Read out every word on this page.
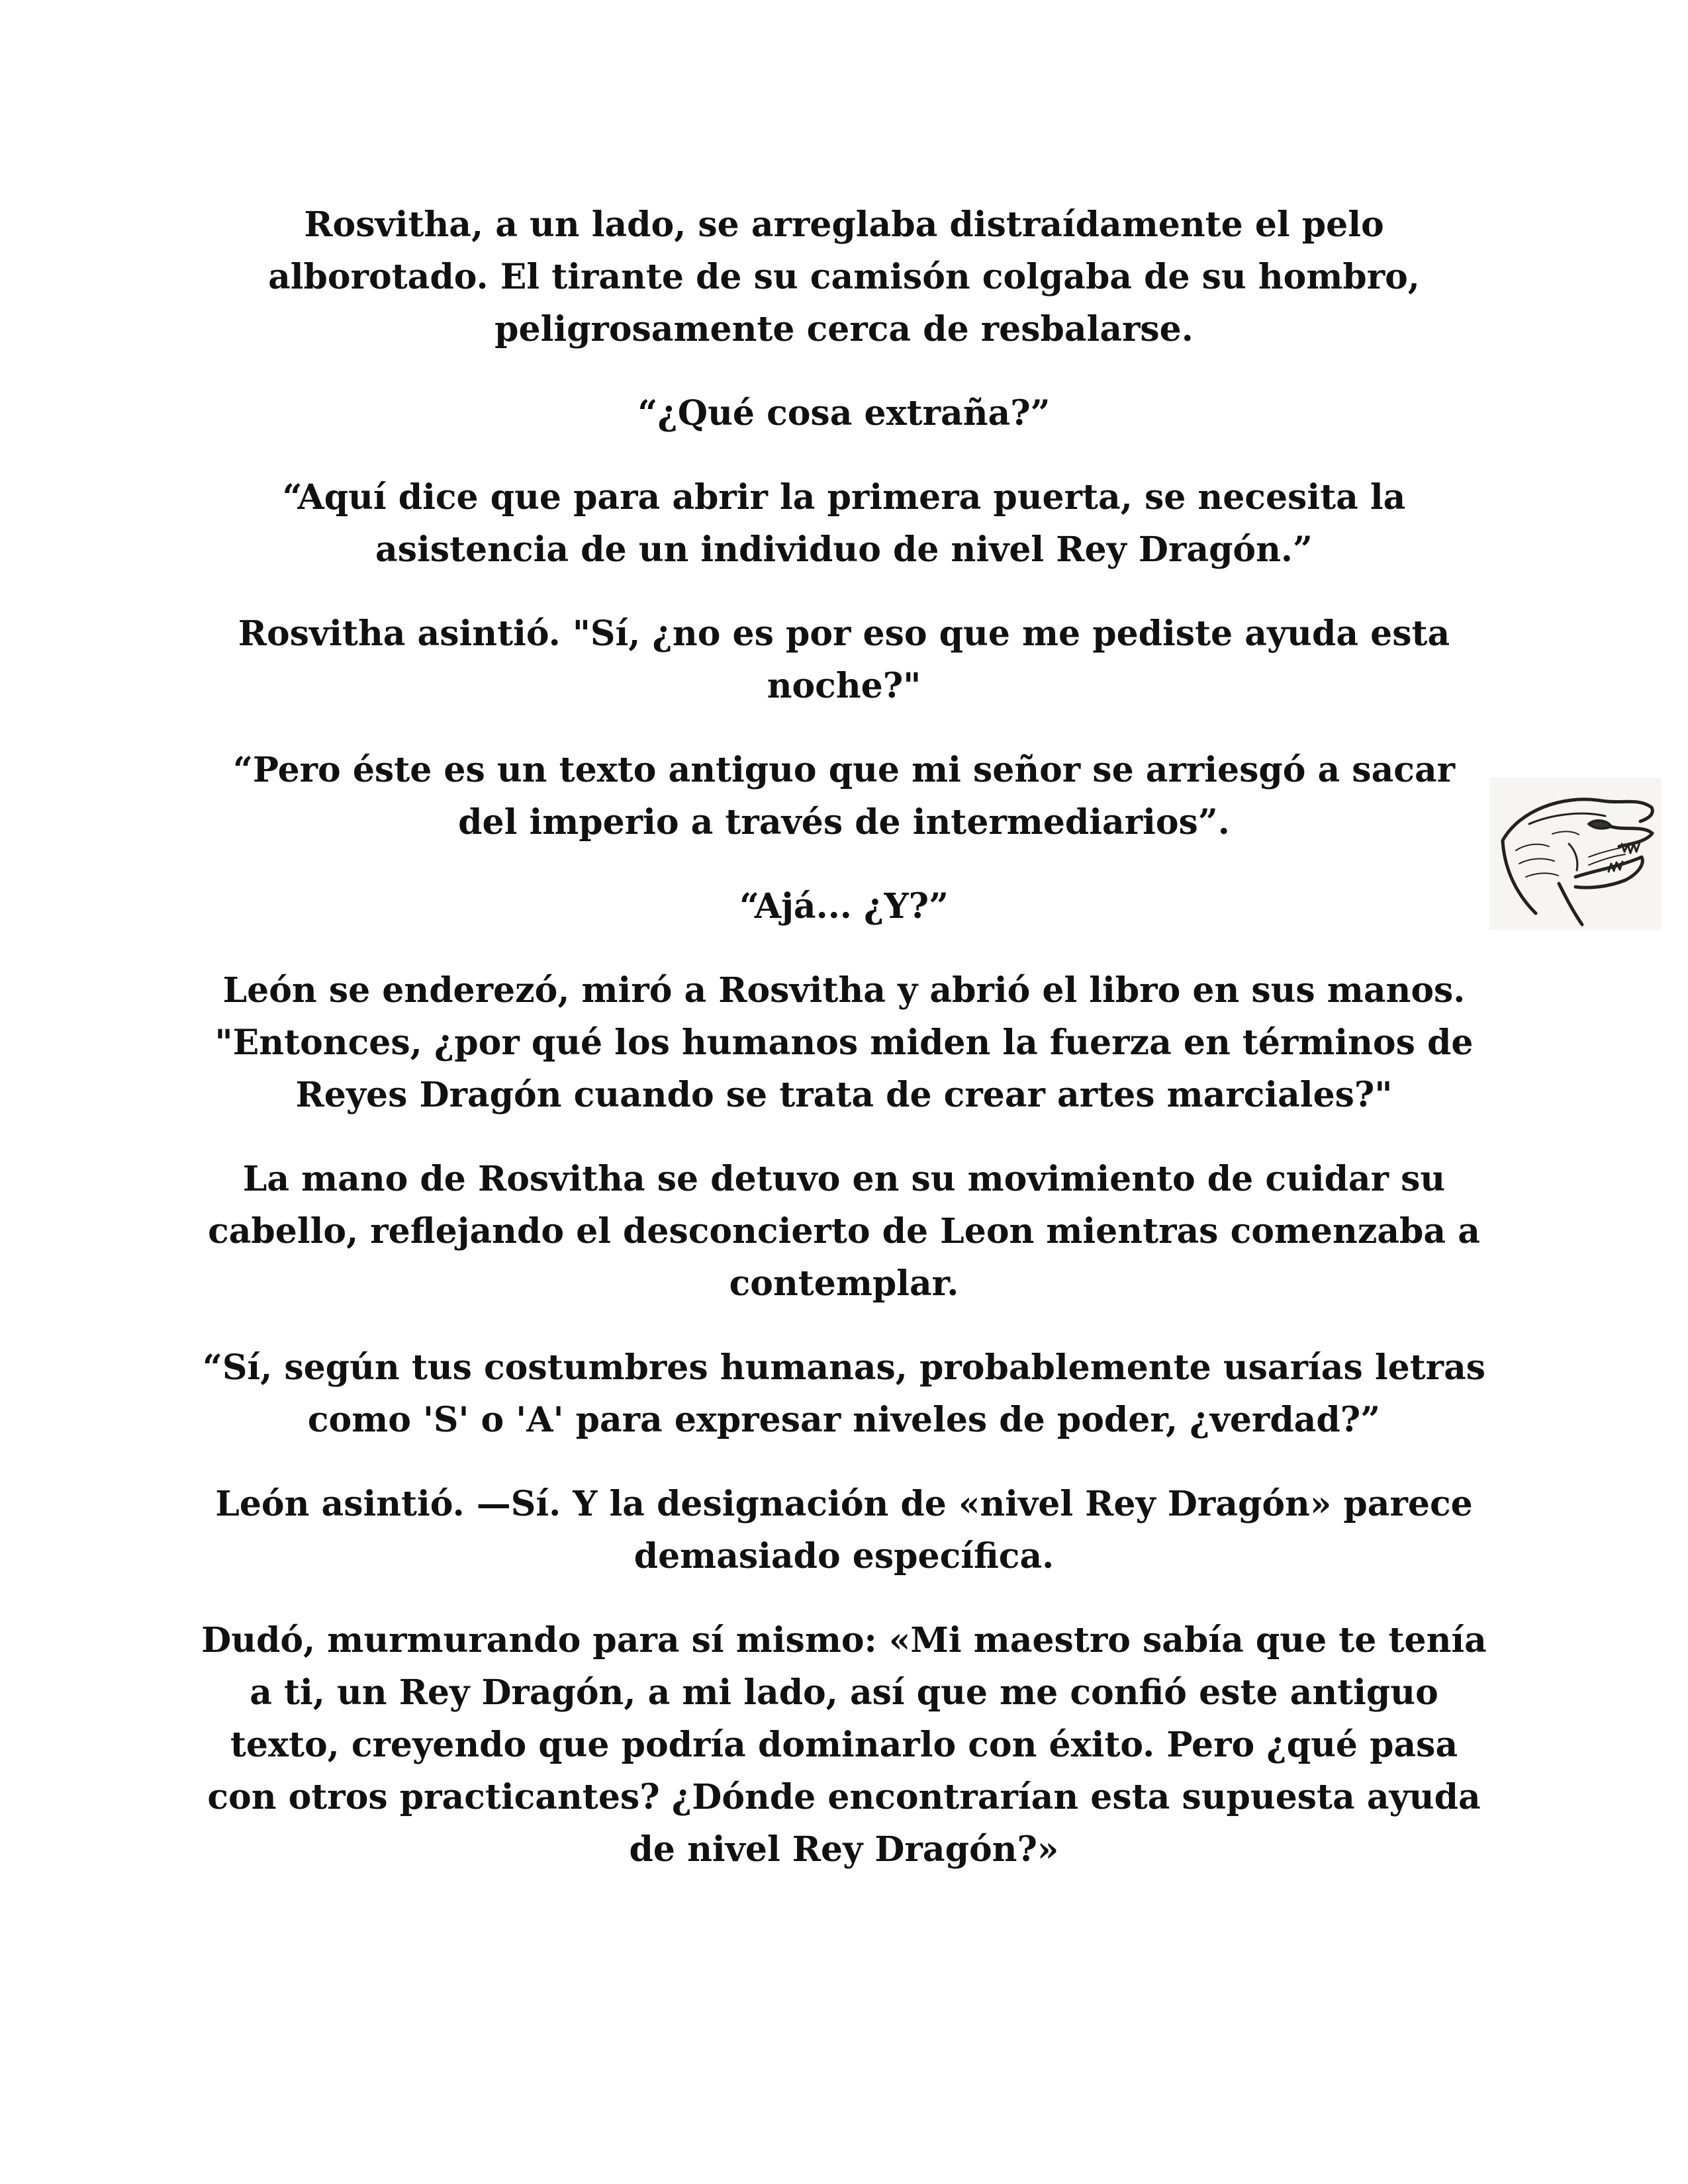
Rosvitha, a un lado, se arreglaba distraídamente el pelo alborotado. El tirante de su camisón colgaba de su hombro, peligrosamente cerca de resbalarse.

“¿Qué cosa extraña?”

“Aquí dice que para abrir la primera puerta, se necesita la asistencia de un individuo de nivel Rey Dragón.”

Rosvitha asintió. "Sí, ¿no es por eso que me pediste ayuda esta noche?"

“Pero éste es un texto antiguo que mi señor se arriesgó a sacar del imperio a través de intermediarios”.

“Ajá... ¿Y?”

León se enderezó, miró a Rosvitha y abrió el libro en sus manos. "Entonces, ¿por qué los humanos miden la fuerza en términos de Reyes Dragón cuando se trata de crear artes marciales?"

La mano de Rosvitha se detuvo en su movimiento de cuidar su cabello, reflejando el desconcierto de Leon mientras comenzaba a contemplar.

“Sí, según tus costumbres humanas, probablemente usarías letras como 'S' o 'A' para expresar niveles de poder, ¿verdad?”

León asintió. —Sí. Y la designación de «nivel Rey Dragón» parece demasiado específica.

Dudó, murmurando para sí mismo: «Mi maestro sabía que te tenía a ti, un Rey Dragón, a mi lado, así que me confió este antiguo texto, creyendo que podría dominarlo con éxito. Pero ¿qué pasa con otros practicantes? ¿Dónde encontrarían esta supuesta ayuda de nivel Rey Dragón?»
